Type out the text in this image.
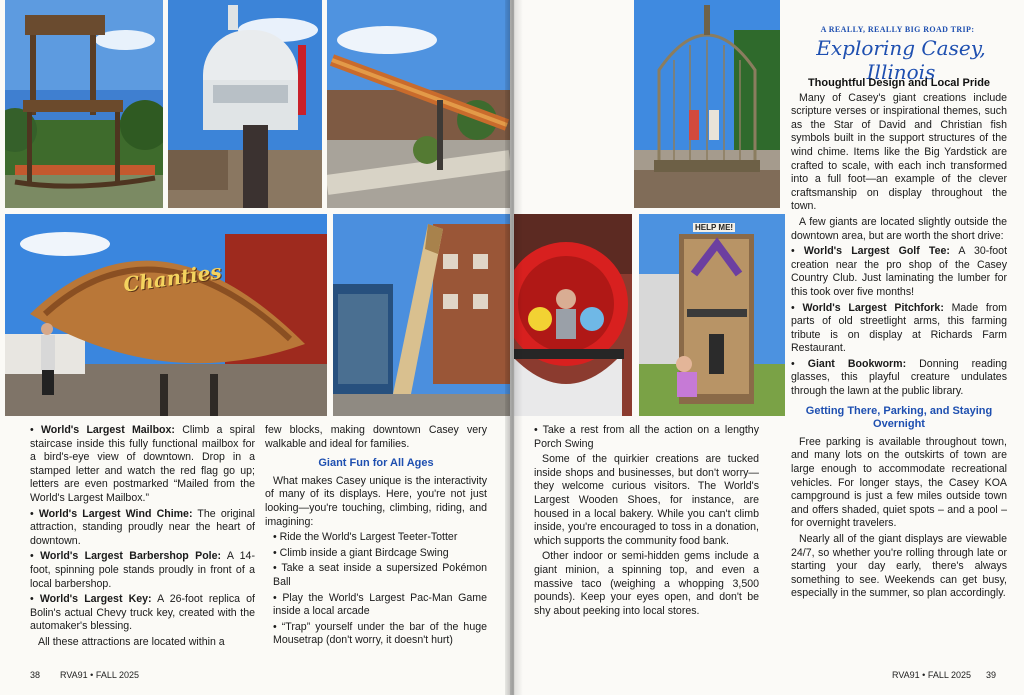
Chanties

• World's Largest Mailbox: Climb a spiral staircase inside this fully functional mailbox for a bird's-eye view of downtown. Drop in a stamped letter and watch the red flag go up; letters are even postmarked “Mailed from the World's Largest Mailbox.”

• World's Largest Wind Chime: The original attraction, standing proudly near the heart of downtown.

• World's Largest Barbershop Pole: A 14-foot, spinning pole stands proudly in front of a local barbershop.

• World's Largest Key: A 26-foot replica of Bolin's actual Chevy truck key, created with the automaker's blessing.

All these attractions are located within a

few blocks, making downtown Casey very walkable and ideal for families.

Giant Fun for All Ages

What makes Casey unique is the interactivity of many of its displays. Here, you're not just looking—you're touching, climbing, riding, and imagining:

• Ride the World's Largest Teeter-Totter

• Climb inside a giant Birdcage Swing

• Take a seat inside a supersized Pokémon Ball

• Play the World's Largest Pac-Man Game inside a local arcade

• “Trap” yourself under the bar of the huge Mousetrap (don't worry, it doesn't hurt)

38 RVA91 • FALL 2025
HELP ME!
A REALLY, REALLY BIG ROAD TRIP:
Exploring Casey, Illinois

• Take a rest from all the action on a lengthy Porch Swing

Some of the quirkier creations are tucked inside shops and businesses, but don't worry—they welcome curious visitors. The World's Largest Wooden Shoes, for instance, are housed in a local bakery. While you can't climb inside, you're encouraged to toss in a donation, which supports the community food bank.

Other indoor or semi-hidden gems include a giant minion, a spinning top, and even a massive taco (weighing a whopping 3,500 pounds). Keep your eyes open, and don't be shy about peeking into local stores.

Thoughtful Design and Local Pride

Many of Casey's giant creations include scripture verses or inspirational themes, such as the Star of David and Christian fish symbols built in the support structures of the wind chime. Items like the Big Yardstick are crafted to scale, with each inch transformed into a full foot—an example of the clever craftsmanship on display throughout the town.

A few giants are located slightly outside the downtown area, but are worth the short drive:

• World's Largest Golf Tee: A 30-foot creation near the pro shop of the Casey Country Club. Just laminating the lumber for this took over five months!

• World's Largest Pitchfork: Made from parts of old streetlight arms, this farming tribute is on display at Richards Farm Restaurant.

• Giant Bookworm: Donning reading glasses, this playful creature undulates through the lawn at the public library.

Getting There, Parking, and Staying Overnight

Free parking is available throughout town, and many lots on the outskirts of town are large enough to accommodate recreational vehicles. For longer stays, the Casey KOA campground is just a few miles outside town and offers shaded, quiet spots – and a pool – for overnight travelers.

Nearly all of the giant displays are viewable 24/7, so whether you're rolling through late or starting your day early, there's always something to see. Weekends can get busy, especially in the summer, so plan accordingly.

RVA91 • FALL 2025 39
